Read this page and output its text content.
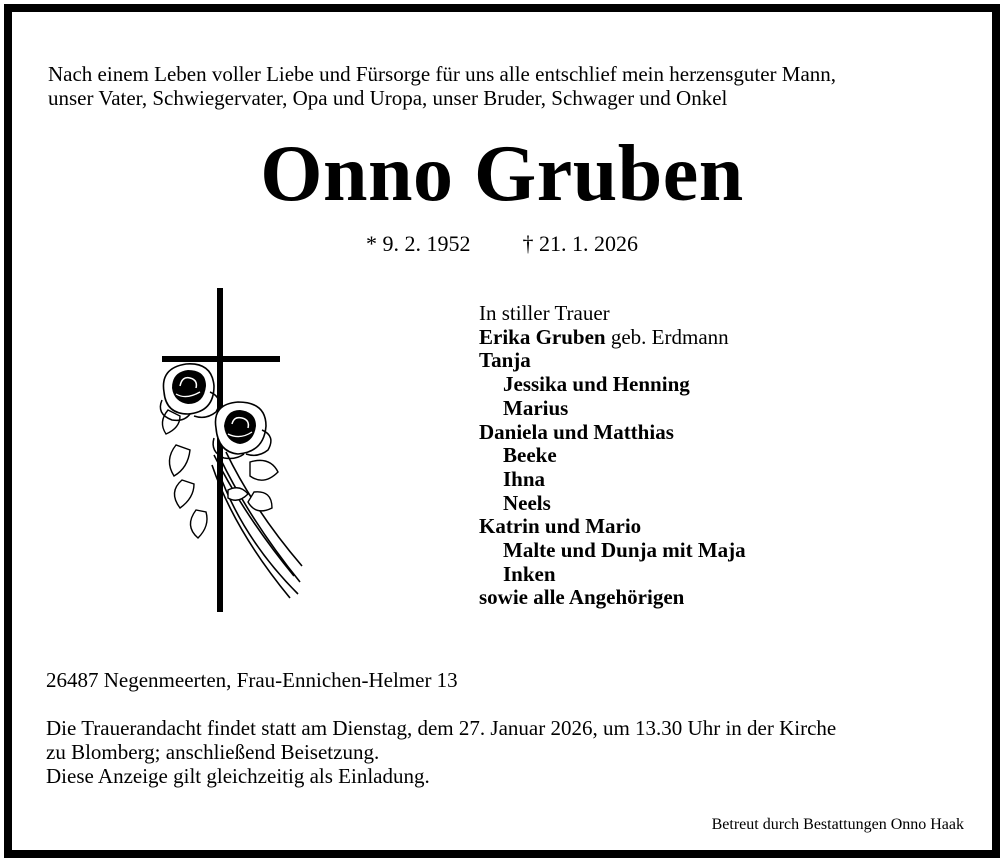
Nach einem Leben voller Liebe und Fürsorge für uns alle entschlief mein herzensguter Mann,
unser Vater, Schwiegervater, Opa und Uropa, unser Bruder, Schwager und Onkel
Onno Gruben
* 9. 2. 1952 † 21. 1. 2026
In stiller Trauer
Erika Gruben geb. Erdmann
Tanja
Jessika und Henning
Marius
Daniela und Matthias
Beeke
Ihna
Neels
Katrin und Mario
Malte und Dunja mit Maja
Inken
sowie alle Angehörigen
26487 Negenmeerten, Frau-Ennichen-Helmer 13
Die Trauerandacht findet statt am Dienstag, dem 27. Januar 2026, um 13.30 Uhr in der Kirche
zu Blomberg; anschließend Beisetzung.
Diese Anzeige gilt gleichzeitig als Einladung.
Betreut durch Bestattungen Onno Haak
